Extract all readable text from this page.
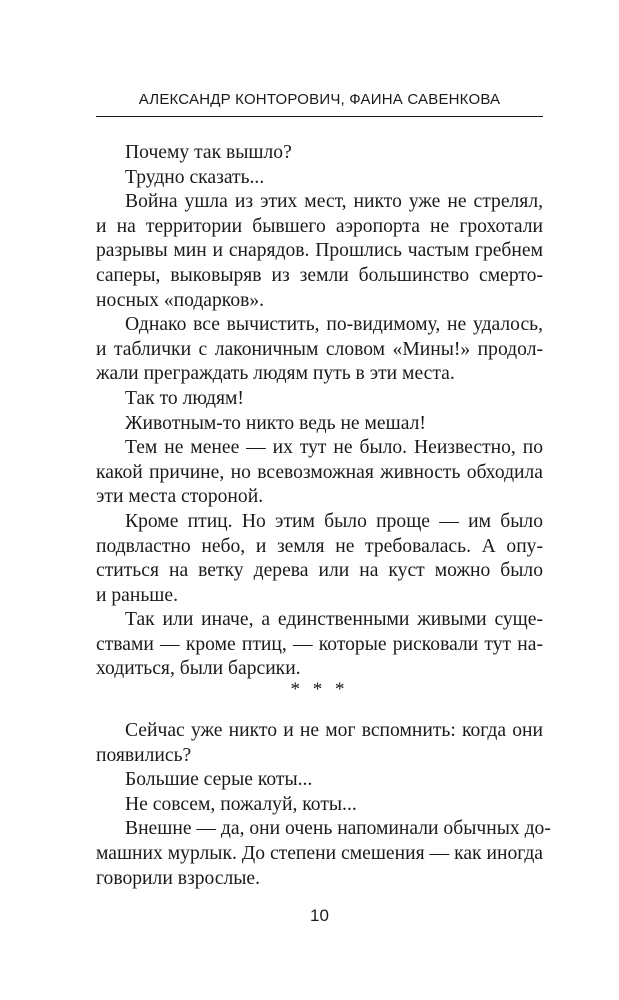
АЛЕКСАНДР КОНТОРОВИЧ, ФАИНА САВЕНКОВА
Почему так вышло?
Трудно сказать...
Война ушла из этих мест, никто уже не стрелял,
и на территории бывшего аэропорта не грохотали
разрывы мин и снарядов. Прошлись частым гребнем
саперы, выковыряв из земли большинство смерто-
носных «подарков».
Однако все вычистить, по-видимому, не удалось,
и таблички с лаконичным словом «Мины!» продол-
жали преграждать людям путь в эти места.
Так то людям!
Животным-то никто ведь не мешал!
Тем не менее — их тут не было. Неизвестно, по
какой причине, но всевозможная живность обходила
эти места стороной.
Кроме птиц. Но этим было проще — им было
подвластно небо, и земля не требовалась. А опу-
ститься на ветку дерева или на куст можно было
и раньше.
Так или иначе, а единственными живыми суще-
ствами — кроме птиц, — которые рисковали тут на-
ходиться, были барсики.
* * *
Сейчас уже никто и не мог вспомнить: когда они
появились?
Большие серые коты...
Не совсем, пожалуй, коты...
Внешне — да, они очень напоминали обычных до-
машних мурлык. До степени смешения — как иногда
говорили взрослые.
10
